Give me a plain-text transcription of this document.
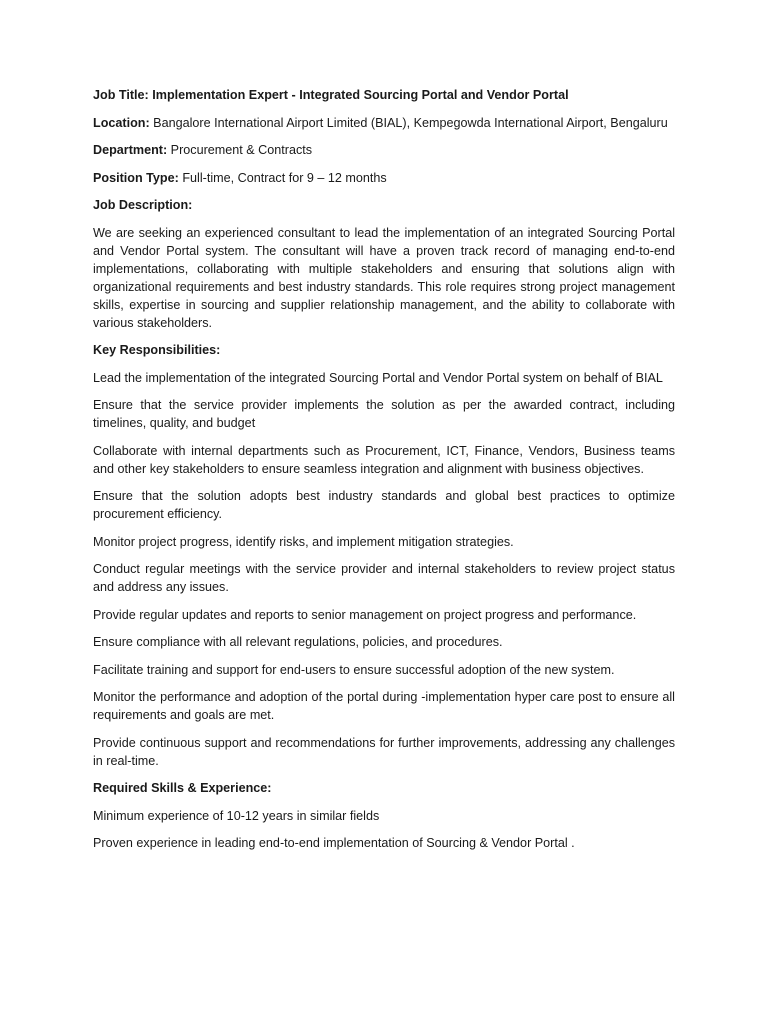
Job Title: Implementation Expert - Integrated Sourcing Portal and Vendor Portal

Location: Bangalore International Airport Limited (BIAL), Kempegowda International Airport, Bengaluru

Department: Procurement & Contracts

Position Type: Full-time, Contract for 9 – 12 months

Job Description:

We are seeking an experienced consultant to lead the implementation of an integrated Sourcing Portal and Vendor Portal system. The consultant will have a proven track record of managing end-to-end implementations, collaborating with multiple stakeholders and ensuring that solutions align with organizational requirements and best industry standards. This role requires strong project management skills, expertise in sourcing and supplier relationship management, and the ability to collaborate with various stakeholders.

Key Responsibilities:

Lead the implementation of the integrated Sourcing Portal and Vendor Portal system on behalf of BIAL

Ensure that the service provider implements the solution as per the awarded contract, including timelines, quality, and budget

Collaborate with internal departments such as Procurement, ICT, Finance, Vendors, Business teams and other key stakeholders to ensure seamless integration and alignment with business objectives.

Ensure that the solution adopts best industry standards and global best practices to optimize procurement efficiency.

Monitor project progress, identify risks, and implement mitigation strategies.

Conduct regular meetings with the service provider and internal stakeholders to review project status and address any issues.

Provide regular updates and reports to senior management on project progress and performance.

Ensure compliance with all relevant regulations, policies, and procedures.

Facilitate training and support for end-users to ensure successful adoption of the new system.

Monitor the performance and adoption of the portal during -implementation hyper care post to ensure all requirements and goals are met.

Provide continuous support and recommendations for further improvements, addressing any challenges in real-time.

Required Skills & Experience:

Minimum experience of 10-12 years in similar fields

Proven experience in leading end-to-end implementation of Sourcing & Vendor Portal .
